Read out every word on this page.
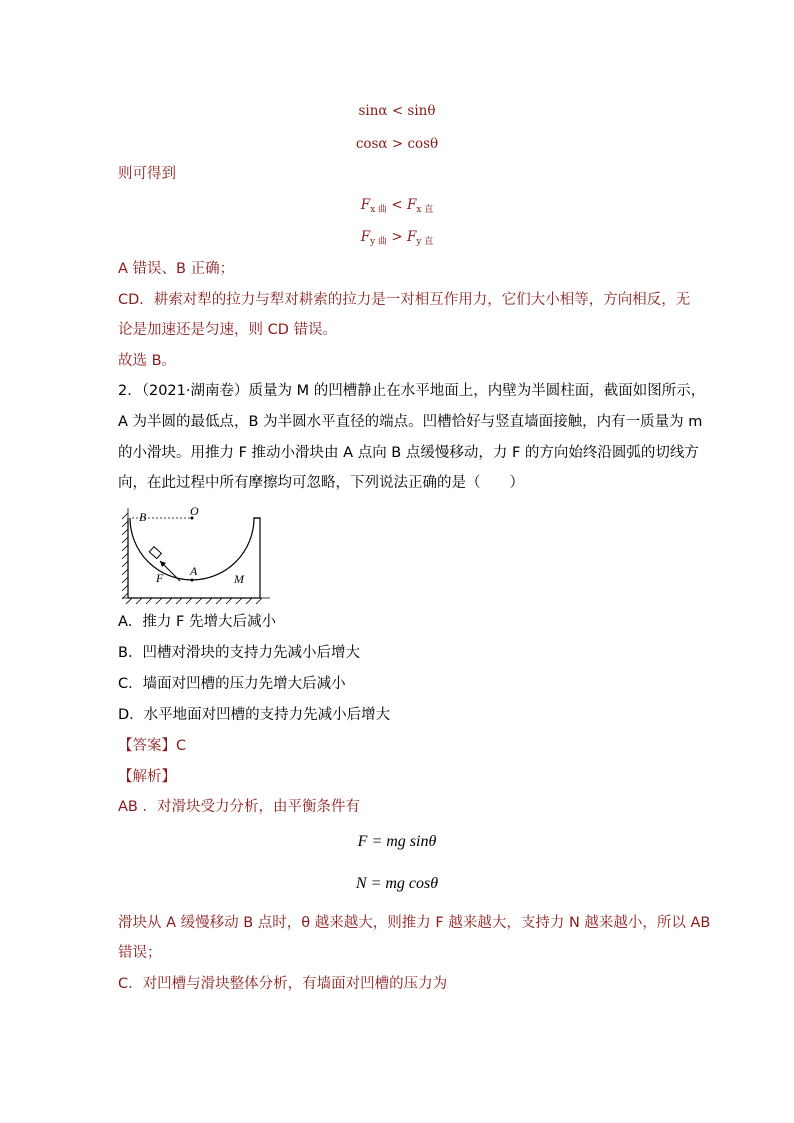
sinα < sinθ
cosα > cosθ
则可得到
$F_{x 曲} < F_{x 直}$
$F_{y 曲} > F_{y 直}$
A 错误、B 正确；
CD．耕索对犁的拉力与犁对耕索的拉力是一对相互作用力，它们大小相等，方向相反，无
论是加速还是匀速，则 CD 错误。
故选 B。
2．（2021·湖南卷）质量为 M 的凹槽静止在水平地面上，内壁为半圆柱面，截面如图所示，
A 为半圆的最低点，B 为半圆水平直径的端点。凹槽恰好与竖直墙面接触，内有一质量为 m
的小滑块。用推力 F 推动小滑块由 A 点向 B 点缓慢移动，力 F 的方向始终沿圆弧的切线方
向，在此过程中所有摩擦均可忽略，下列说法正确的是（　　）
B	O
A
F	M
A．推力 F 先增大后减小
B．凹槽对滑块的支持力先减小后增大
C．墙面对凹槽的压力先增大后减小
D．水平地面对凹槽的支持力先减小后增大
【答案】C
【解析】
AB ．对滑块受力分析，由平衡条件有
F = mg sinθ
N = mg cosθ
滑块从 A 缓慢移动 B 点时，θ 越来越大，则推力 F 越来越大，支持力 N 越来越小，所以 AB
错误；
C．对凹槽与滑块整体分析，有墙面对凹槽的压力为
